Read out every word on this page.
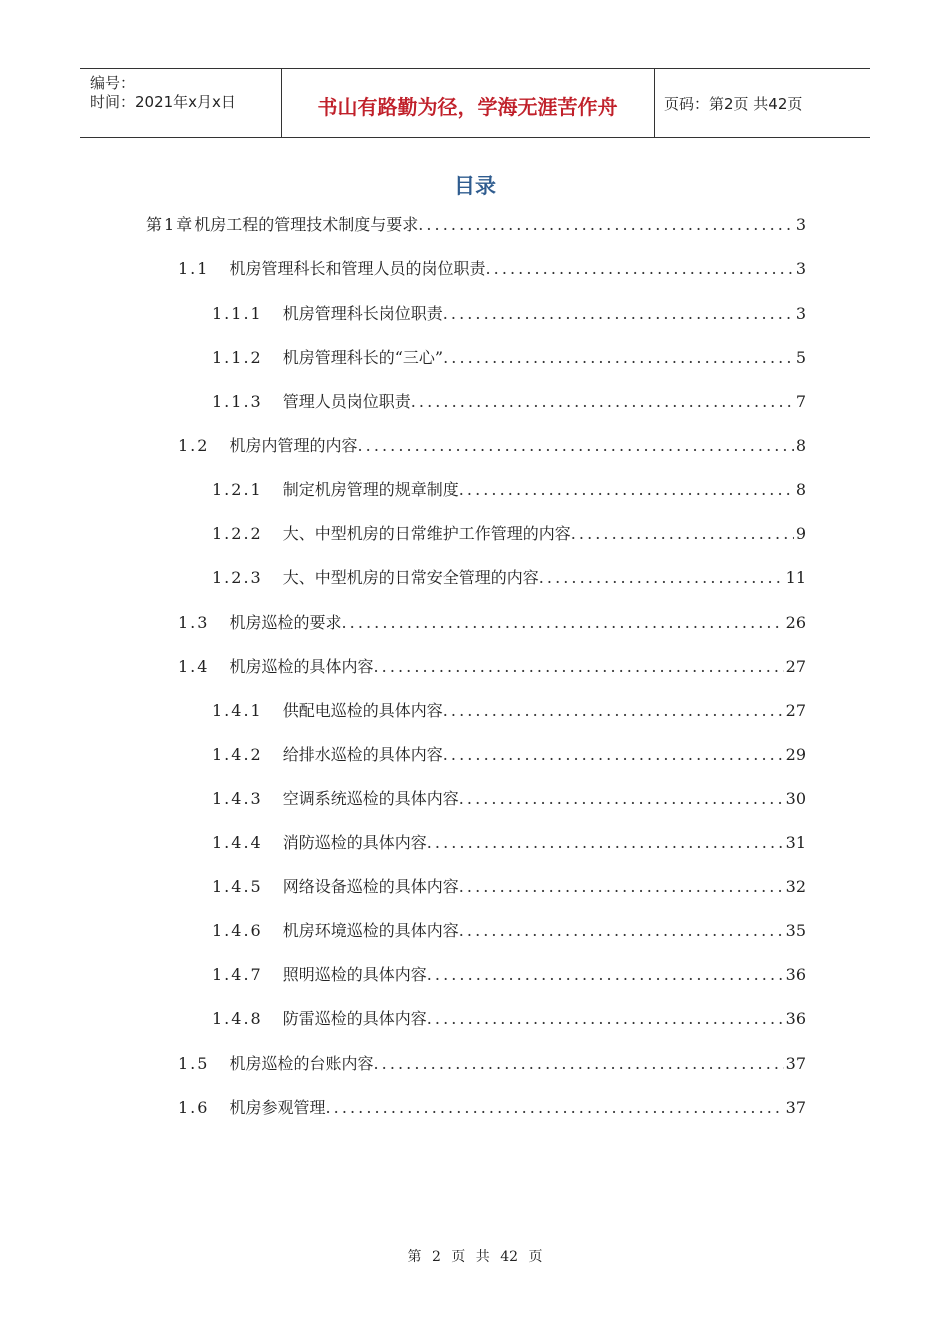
编号：
时间：2021年x月x日	书山有路勤为径，学海无涯苦作舟	页码：第2页 共42页
目录
第1章 机房工程的管理技术制度与要求 . . .	3
1.1 机房管理科长和管理人员的岗位职责 . . .	3
1.1.1 机房管理科长岗位职责 . . .	3
1.1.2 机房管理科长的“三心” . . .	5
1.1.3 管理人员岗位职责 . . .	7
1.2 机房内管理的内容 . . .	8
1.2.1 制定机房管理的规章制度 . . .	8
1.2.2 大、中型机房的日常维护工作管理的内容 . . .	9
1.2.3 大、中型机房的日常安全管理的内容 . . .	11
1.3 机房巡检的要求 . . .	26
1.4 机房巡检的具体内容 . . .	27
1.4.1 供配电巡检的具体内容 . . .	27
1.4.2 给排水巡检的具体内容 . . .	29
1.4.3 空调系统巡检的具体内容 . . .	30
1.4.4 消防巡检的具体内容 . . .	31
1.4.5 网络设备巡检的具体内容 . . .	32
1.4.6 机房环境巡检的具体内容 . . .	35
1.4.7 照明巡检的具体内容 . . .	36
1.4.8 防雷巡检的具体内容 . . .	36
1.5 机房巡检的台账内容 . . .	37
1.6 机房参观管理 . . .	37
第 2 页 共 42 页
